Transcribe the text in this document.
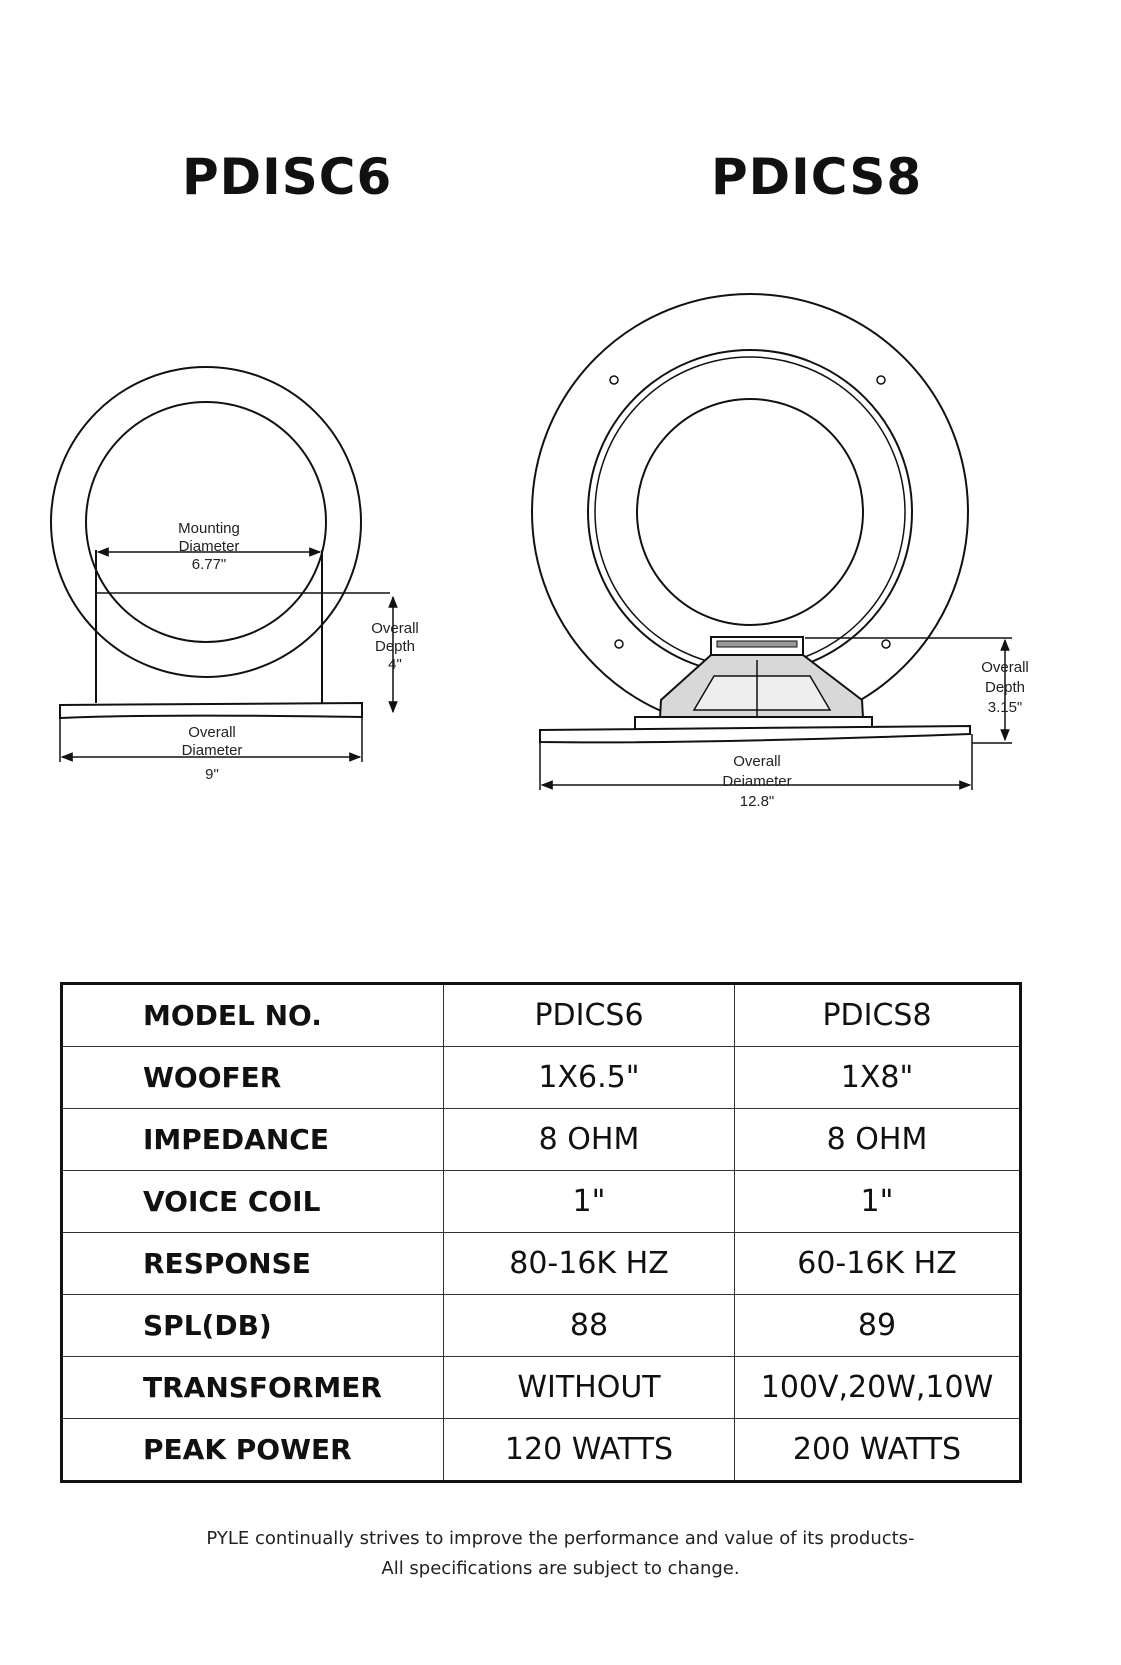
PDISC6	PDICS8
Mounting
Diameter
6.77"
Overall
Depth
4"
Overall
Diameter
9"
Overall
Depth
3.15"
Overall
Deiameter
12.8"
MODEL NO.	PDICS6	PDICS8
WOOFER	1X6.5"	1X8"
IMPEDANCE	8 OHM	8 OHM
VOICE COIL	1"	1"
RESPONSE	80-16K HZ	60-16K HZ
SPL(DB)	88	89
TRANSFORMER	WITHOUT	100V,20W,10W
PEAK POWER	120 WATTS	200 WATTS
PYLE continually strives to improve the performance and value of its products-
All specifications are subject to change.
